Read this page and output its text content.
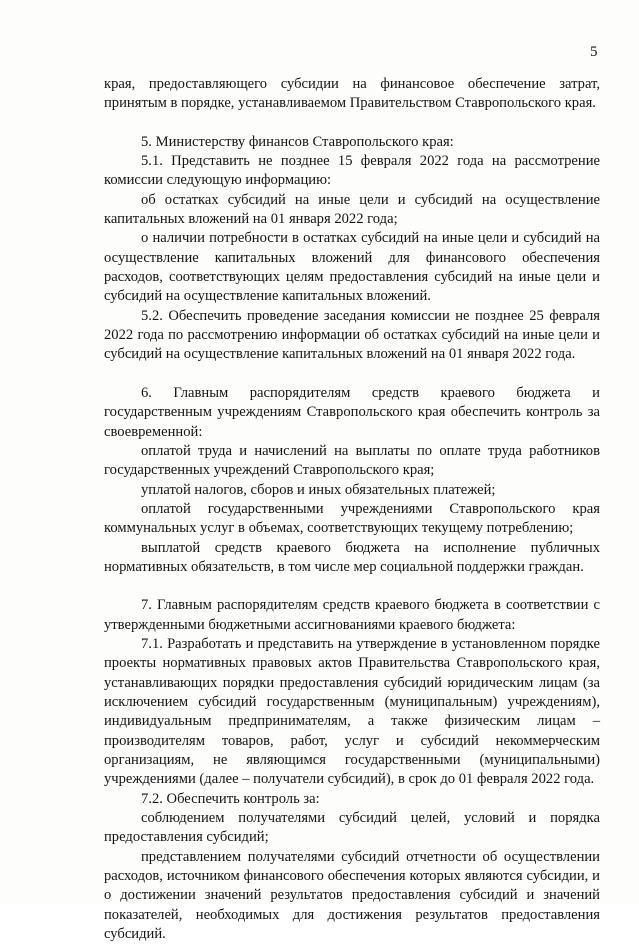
5

края, предоставляющего субсидии на финансовое обеспечение затрат, принятым в порядке, устанавливаемом Правительством Ставропольского края.

5. Министерству финансов Ставропольского края:

5.1. Представить не позднее 15 февраля 2022 года на рассмотрение комиссии следующую информацию:

об остатках субсидий на иные цели и субсидий на осуществление капитальных вложений на 01 января 2022 года;

о наличии потребности в остатках субсидий на иные цели и субсидий на осуществление капитальных вложений для финансового обеспечения расходов, соответствующих целям предоставления субсидий на иные цели и субсидий на осуществление капитальных вложений.

5.2. Обеспечить проведение заседания комиссии не позднее 25 февраля 2022 года по рассмотрению информации об остатках субсидий на иные цели и субсидий на осуществление капитальных вложений на 01 января 2022 года.

6. Главным распорядителям средств краевого бюджета и государственным учреждениям Ставропольского края обеспечить контроль за своевременной:

оплатой труда и начислений на выплаты по оплате труда работников государственных учреждений Ставропольского края;

уплатой налогов, сборов и иных обязательных платежей;

оплатой государственными учреждениями Ставропольского края коммунальных услуг в объемах, соответствующих текущему потреблению;

выплатой средств краевого бюджета на исполнение публичных нормативных обязательств, в том числе мер социальной поддержки граждан.

7. Главным распорядителям средств краевого бюджета в соответствии с утвержденными бюджетными ассигнованиями краевого бюджета:

7.1. Разработать и представить на утверждение в установленном порядке проекты нормативных правовых актов Правительства Ставропольского края, устанавливающих порядки предоставления субсидий юридическим лицам (за исключением субсидий государственным (муниципальным) учреждениям), индивидуальным предпринимателям, а также физическим лицам – производителям товаров, работ, услуг и субсидий некоммерческим организациям, не являющимся государственными (муниципальными) учреждениями (далее – получатели субсидий), в срок до 01 февраля 2022 года.

7.2. Обеспечить контроль за:

соблюдением получателями субсидий целей, условий и порядка предоставления субсидий;

представлением получателями субсидий отчетности об осуществлении расходов, источником финансового обеспечения которых являются субсидии, и о достижении значений результатов предоставления субсидий и значений показателей, необходимых для достижения результатов предоставления субсидий.
